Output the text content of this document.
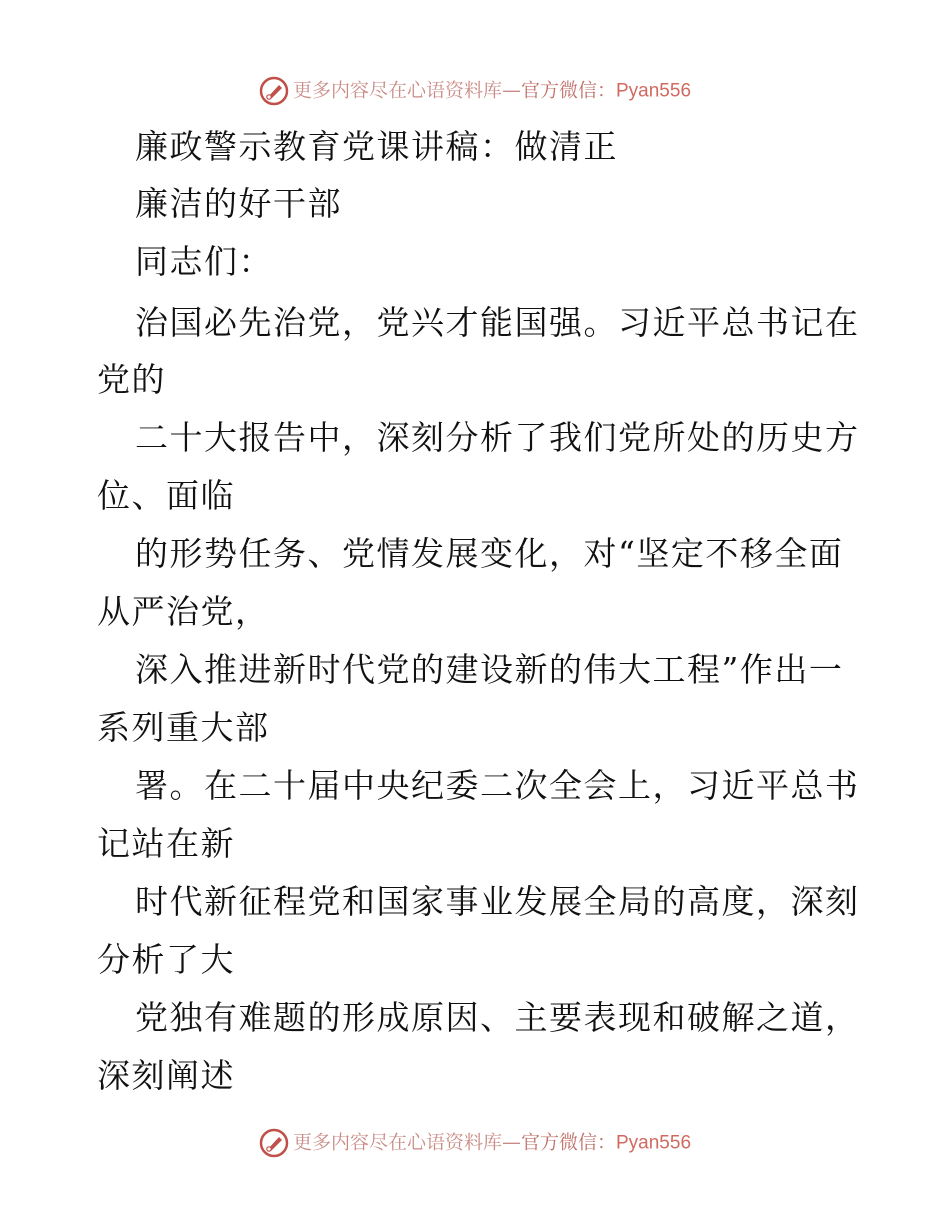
更多内容尽在心语资料库—官方微信：Pyan556
廉政警示教育党课讲稿：做清正
廉洁的好干部
同志们：
治国必先治党，党兴才能国强。习近平总书记在
党的
二十大报告中，深刻分析了我们党所处的历史方
位、面临
的形势任务、党情发展变化，对“坚定不移全面
从严治党，
深入推进新时代党的建设新的伟大工程”作出一
系列重大部
署。在二十届中央纪委二次全会上，习近平总书
记站在新
时代新征程党和国家事业发展全局的高度，深刻
分析了大
党独有难题的形成原因、主要表现和破解之道，
深刻阐述
更多内容尽在心语资料库—官方微信：Pyan556
